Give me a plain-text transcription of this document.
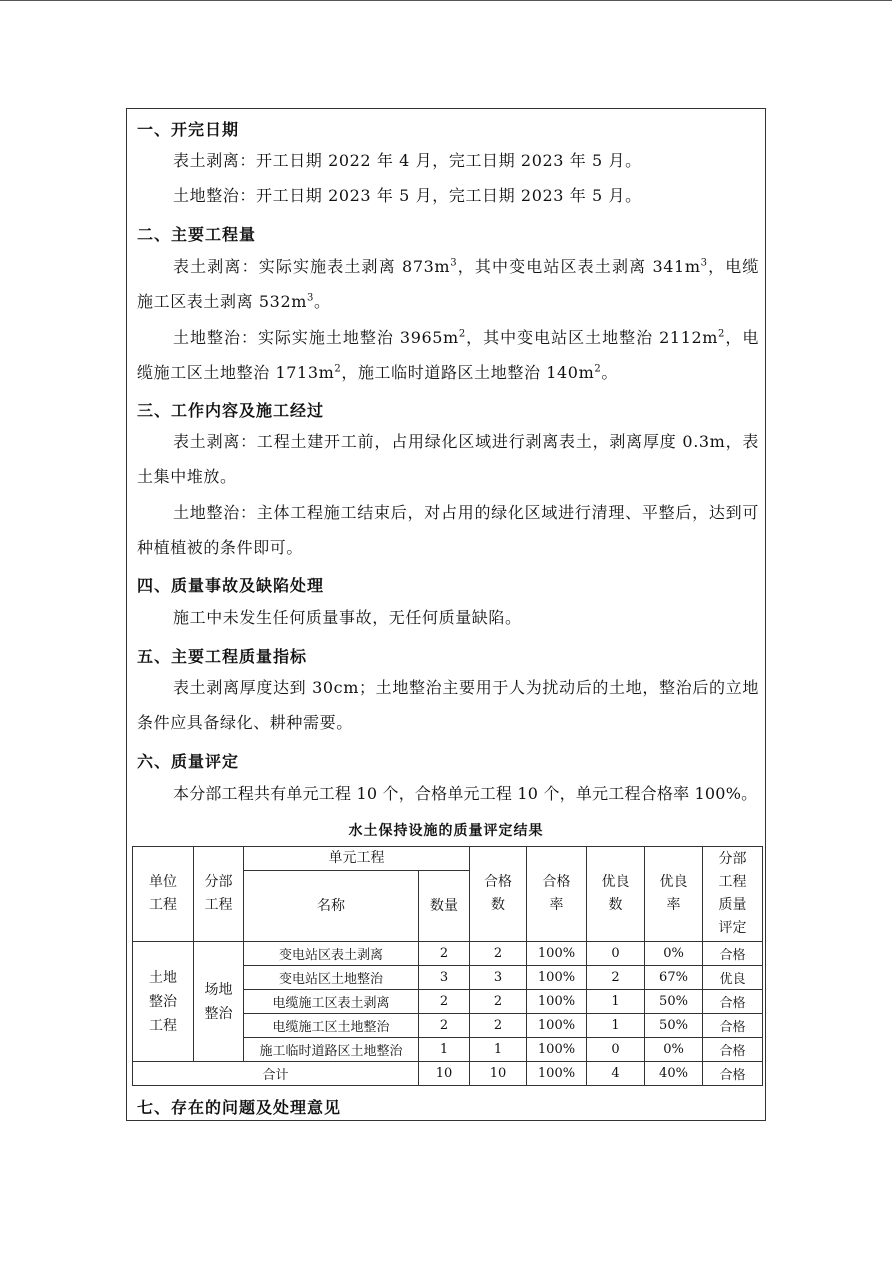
一、开完日期
表土剥离：开工日期 2022 年 4 月，完工日期 2023 年 5 月。
土地整治：开工日期 2023 年 5 月，完工日期 2023 年 5 月。
二、主要工程量
表土剥离：实际实施表土剥离 $873m^3$，其中变电站区表土剥离 $341m^3$，电缆施工区表土剥离 $532m^3$。
土地整治：实际实施土地整治 $3965m^2$，其中变电站区土地整治 $2112m^2$，电缆施工区土地整治 $1713m^2$，施工临时道路区土地整治 $140m^2$。
三、工作内容及施工经过
表土剥离：工程土建开工前，占用绿化区域进行剥离表土，剥离厚度 0.3m，表土集中堆放。
土地整治：主体工程施工结束后，对占用的绿化区域进行清理、平整后，达到可种植植被的条件即可。
四、质量事故及缺陷处理
施工中未发生任何质量事故，无任何质量缺陷。
五、主要工程质量指标
表土剥离厚度达到 30cm；土地整治主要用于人为扰动后的土地，整治后的立地条件应具备绿化、耕种需要。
六、质量评定
本分部工程共有单元工程 10 个，合格单元工程 10 个，单元工程合格率 100%。
水土保持设施的质量评定结果
单位工程	分部工程	单元工程		合格数	合格率	优良数	优良率	分部工程质量评定

		名称	数量					

土地整治工程	场地整治	变电站区表土剥离	2	2	100%	0	0%	合格
		变电站区土地整治	3	3	100%	2	67%	优良
		电缆施工区表土剥离	2	2	100%	1	50%	合格
		电缆施工区土地整治	2	2	100%	1	50%	合格
		施工临时道路区土地整治	1	1	100%	0	0%	合格
合计			10	10	100%	4	40%	合格
七、存在的问题及处理意见
